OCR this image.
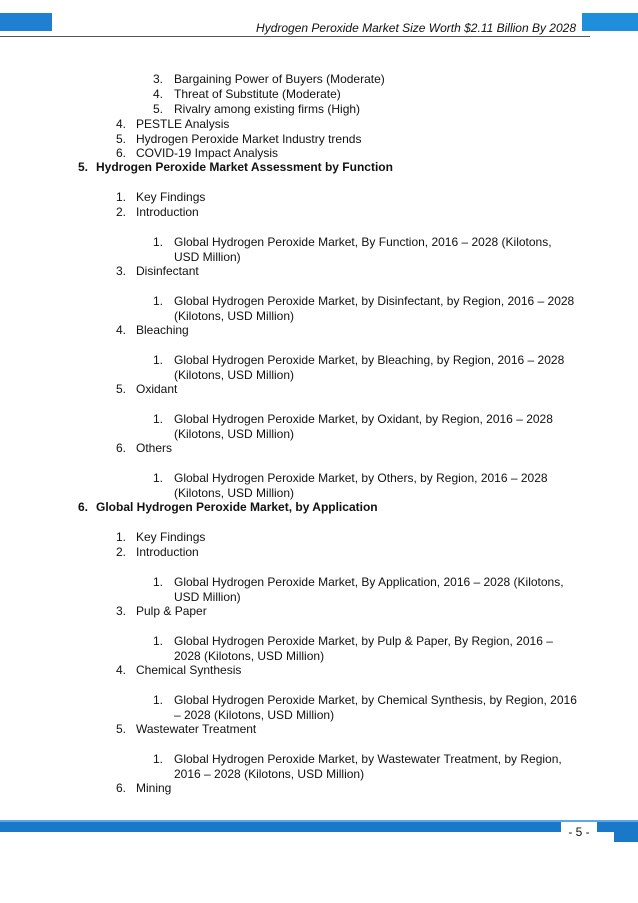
Hydrogen Peroxide Market Size Worth $2.11 Billion By 2028
3. Bargaining Power of Buyers (Moderate)
4. Threat of Substitute (Moderate)
5. Rivalry among existing firms (High)
4. PESTLE Analysis
5. Hydrogen Peroxide Market Industry trends
6. COVID-19 Impact Analysis
5. Hydrogen Peroxide Market Assessment by Function
1. Key Findings
2. Introduction
1. Global Hydrogen Peroxide Market, By Function, 2016 – 2028 (Kilotons,
USD Million)
3. Disinfectant
1. Global Hydrogen Peroxide Market, by Disinfectant, by Region, 2016 – 2028
(Kilotons, USD Million)
4. Bleaching
1. Global Hydrogen Peroxide Market, by Bleaching, by Region, 2016 – 2028
(Kilotons, USD Million)
5. Oxidant
1. Global Hydrogen Peroxide Market, by Oxidant, by Region, 2016 – 2028
(Kilotons, USD Million)
6. Others
1. Global Hydrogen Peroxide Market, by Others, by Region, 2016 – 2028
(Kilotons, USD Million)
6. Global Hydrogen Peroxide Market, by Application
1. Key Findings
2. Introduction
1. Global Hydrogen Peroxide Market, By Application, 2016 – 2028 (Kilotons,
USD Million)
3. Pulp & Paper
1. Global Hydrogen Peroxide Market, by Pulp & Paper, By Region, 2016 –
2028 (Kilotons, USD Million)
4. Chemical Synthesis
1. Global Hydrogen Peroxide Market, by Chemical Synthesis, by Region, 2016
– 2028 (Kilotons, USD Million)
5. Wastewater Treatment
1. Global Hydrogen Peroxide Market, by Wastewater Treatment, by Region,
2016 – 2028 (Kilotons, USD Million)
6. Mining
- 5 -
